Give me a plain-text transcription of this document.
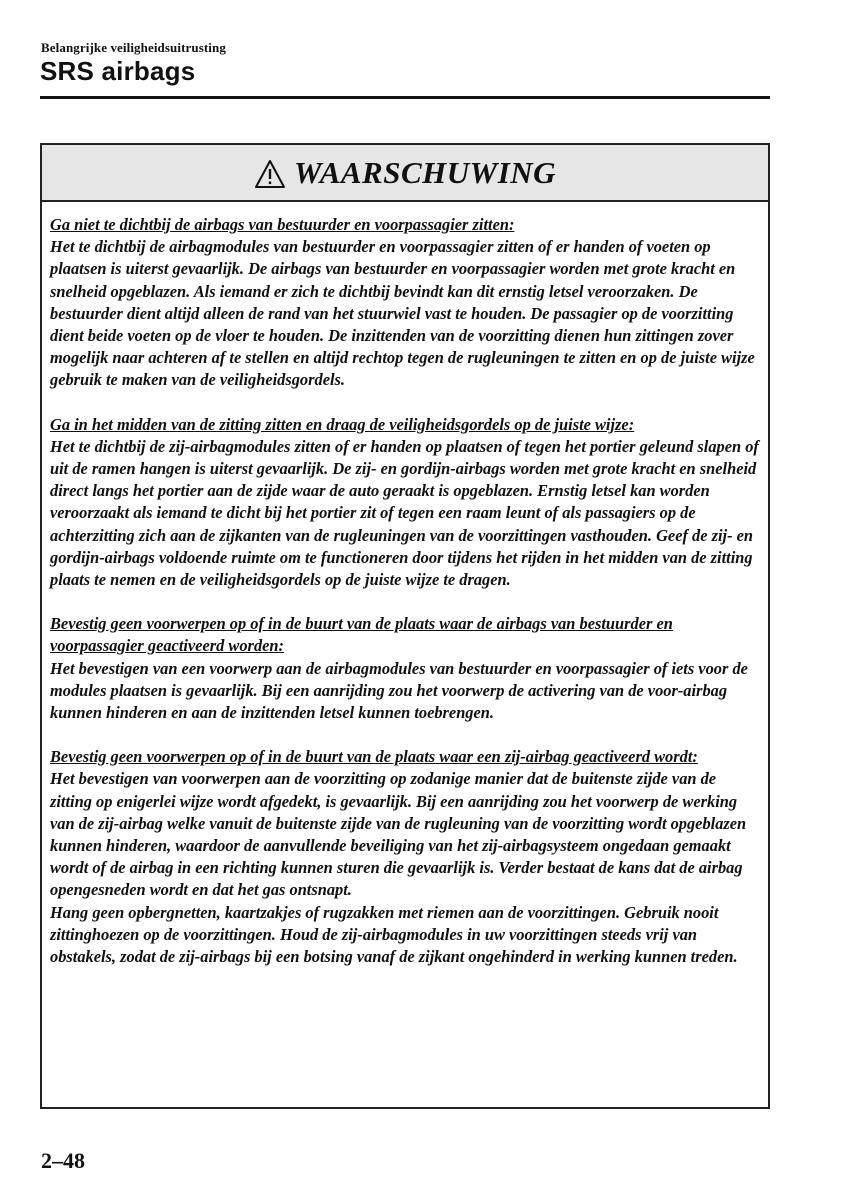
Belangrijke veiligheidsuitrusting
SRS airbags
WAARSCHUWING
Ga niet te dichtbij de airbags van bestuurder en voorpassagier zitten:
Het te dichtbij de airbagmodules van bestuurder en voorpassagier zitten of er handen of voeten op plaatsen is uiterst gevaarlijk. De airbags van bestuurder en voorpassagier worden met grote kracht en snelheid opgeblazen. Als iemand er zich te dichtbij bevindt kan dit ernstig letsel veroorzaken. De bestuurder dient altijd alleen de rand van het stuurwiel vast te houden. De passagier op de voorzitting dient beide voeten op de vloer te houden. De inzittenden van de voorzitting dienen hun zittingen zover mogelijk naar achteren af te stellen en altijd rechtop tegen de rugleuningen te zitten en op de juiste wijze gebruik te maken van de veiligheidsgordels.
Ga in het midden van de zitting zitten en draag de veiligheidsgordels op de juiste wijze:
Het te dichtbij de zij-airbagmodules zitten of er handen op plaatsen of tegen het portier geleund slapen of uit de ramen hangen is uiterst gevaarlijk. De zij- en gordijn-airbags worden met grote kracht en snelheid direct langs het portier aan de zijde waar de auto geraakt is opgeblazen. Ernstig letsel kan worden veroorzaakt als iemand te dicht bij het portier zit of tegen een raam leunt of als passagiers op de achterzitting zich aan de zijkanten van de rugleuningen van de voorzittingen vasthouden. Geef de zij- en gordijn-airbags voldoende ruimte om te functioneren door tijdens het rijden in het midden van de zitting plaats te nemen en de veiligheidsgordels op de juiste wijze te dragen.
Bevestig geen voorwerpen op of in de buurt van de plaats waar de airbags van bestuurder en voorpassagier geactiveerd worden:
Het bevestigen van een voorwerp aan de airbagmodules van bestuurder en voorpassagier of iets voor de modules plaatsen is gevaarlijk. Bij een aanrijding zou het voorwerp de activering van de voor-airbag kunnen hinderen en aan de inzittenden letsel kunnen toebrengen.
Bevestig geen voorwerpen op of in de buurt van de plaats waar een zij-airbag geactiveerd wordt:
Het bevestigen van voorwerpen aan de voorzitting op zodanige manier dat de buitenste zijde van de zitting op enigerlei wijze wordt afgedekt, is gevaarlijk. Bij een aanrijding zou het voorwerp de werking van de zij-airbag welke vanuit de buitenste zijde van de rugleuning van de voorzitting wordt opgeblazen kunnen hinderen, waardoor de aanvullende beveiliging van het zij-airbagsysteem ongedaan gemaakt wordt of de airbag in een richting kunnen sturen die gevaarlijk is. Verder bestaat de kans dat de airbag opengesneden wordt en dat het gas ontsnapt.
Hang geen opbergnetten, kaartzakjes of rugzakken met riemen aan de voorzittingen. Gebruik nooit zittinghoezen op de voorzittingen. Houd de zij-airbagmodules in uw voorzittingen steeds vrij van obstakels, zodat de zij-airbags bij een botsing vanaf de zijkant ongehinderd in werking kunnen treden.
2–48
